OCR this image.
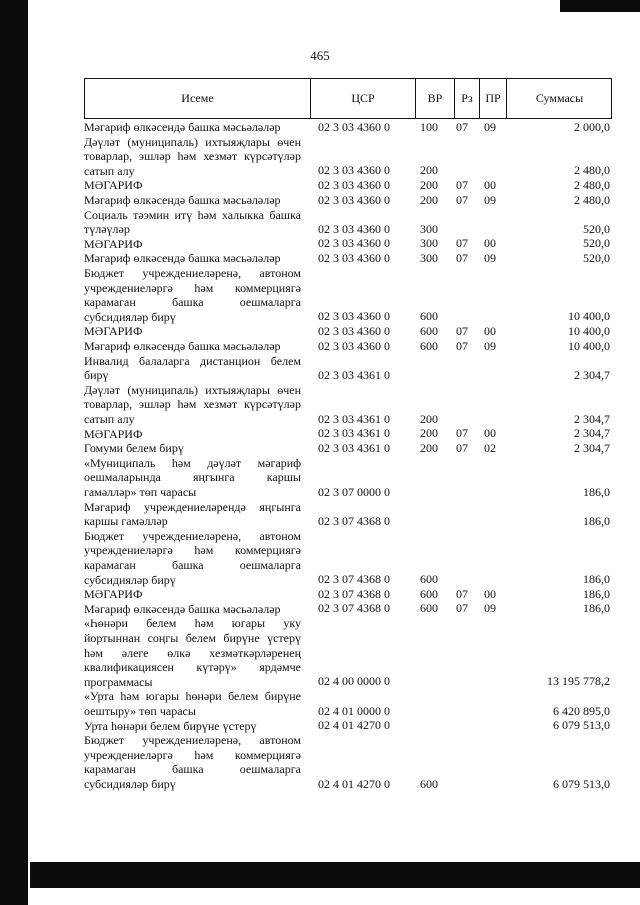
465
Исеме	ЦСР	ВР	Рз	ПР	Суммасы
Мәгариф өлкәсендә башка мәсьәләләр	02 3 03 4360 0	100 07 09	2 000,0
Дәүләт (муниципаль) ихтыяҗлары өчен
товарлар, эшләр һәм хезмәт күрсәтүләр
сатып алу	02 3 03 4360 0	200	2 480,0
МӘГАРИФ	02 3 03 4360 0	200 07 00	2 480,0
Мәгариф өлкәсендә башка мәсьәләләр	02 3 03 4360 0	200 07 09	2 480,0
Социаль тәэмин итү һәм халыкка башка
түләүләр	02 3 03 4360 0	300	520,0
МӘГАРИФ	02 3 03 4360 0	300 07 00	520,0
Мәгариф өлкәсендә башка мәсьәләләр	02 3 03 4360 0	300 07 09	520,0
Бюджет учреждениеләренә, автоном
учреждениеләргә һәм коммерциягә
карамаган башка оешмаларга
субсидияләр бирү	02 3 03 4360 0	600	10 400,0
МӘГАРИФ	02 3 03 4360 0	600 07 00	10 400,0
Мәгариф өлкәсендә башка мәсьәләләр	02 3 03 4360 0	600 07 09	10 400,0
Инвалид балаларга дистанцион белем
бирү	02 3 03 4361 0	2 304,7
Дәүләт (муниципаль) ихтыяҗлары өчен
товарлар, эшләр һәм хезмәт күрсәтүләр
сатып алу	02 3 03 4361 0	200	2 304,7
МӘГАРИФ	02 3 03 4361 0	200 07 00	2 304,7
Гомуми белем бирү	02 3 03 4361 0	200 07 02	2 304,7
«Муниципаль һәм дәүләт мәгариф
оешмаларында яңгынга каршы
гамәлләр» төп чарасы	02 3 07 0000 0	186,0
Мәгариф учреждениеләрендә яңгынга
каршы гамәлләр	02 3 07 4368 0	186,0
Бюджет учреждениеләренә, автоном
учреждениеләргә һәм коммерциягә
карамаган башка оешмаларга
субсидияләр бирү	02 3 07 4368 0	600	186,0
МӘГАРИФ	02 3 07 4368 0	600 07 00	186,0
Мәгариф өлкәсендә башка мәсьәләләр	02 3 07 4368 0	600 07 09	186,0
«Һөнәри белем һәм югары уку
йортыннан соңгы белем бирүне үстерү
һәм әлеге өлкә хезмәткәрләренең
квалификациясен күтәрү» ярдәмче
программасы	02 4 00 0000 0	13 195 778,2
«Урта һәм югары һөнәри белем бирүне
оештыру» төп чарасы	02 4 01 0000 0	6 420 895,0
Урта һөнәри белем бирүне үстерү	02 4 01 4270 0	6 079 513,0
Бюджет учреждениеләренә, автоном
учреждениеләргә һәм коммерциягә
карамаган башка оешмаларга
субсидияләр бирү	02 4 01 4270 0	600	6 079 513,0
